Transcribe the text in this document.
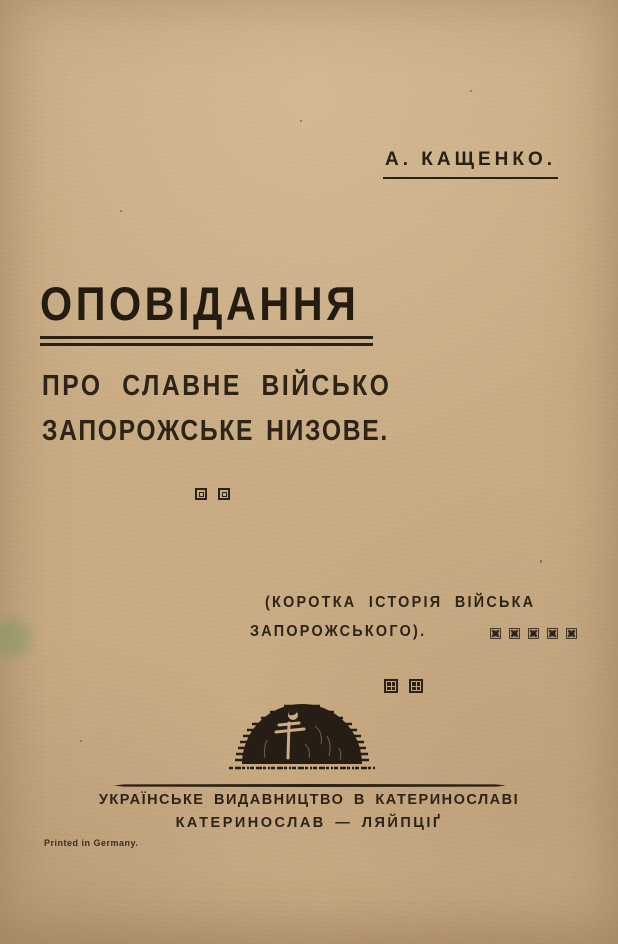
А. КАЩЕНКО.
ОПОВІДАННЯ
ПРО СЛАВНЕ ВІЙСЬКО
ЗАПОРОЖСЬКЕ НИЗОВЕ.
(КОРОТКА ІСТОРІЯ ВІЙСЬКА
ЗАПОРОЖСЬКОГО).
УКРАЇНСЬКЕ ВИДАВНИЦТВО В КАТЕРИНОСЛАВІ
КАТЕРИНОСЛАВ — ЛЯЙПЦІҐ
Printed in Germany.
